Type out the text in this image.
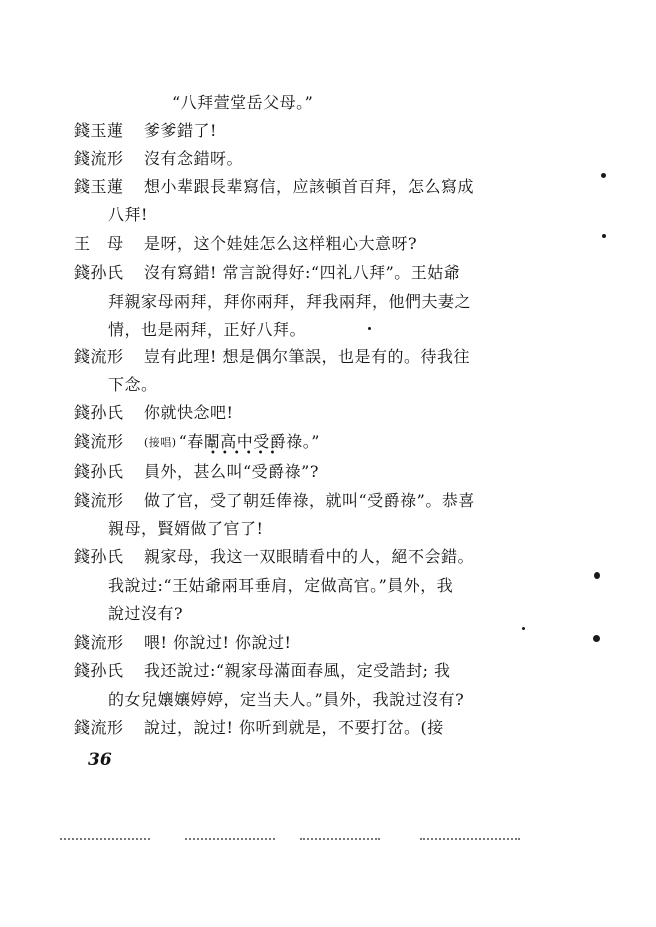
“八拜萱堂岳父母。”
錢玉蓮	爹爹錯了!
錢流形	沒有念錯呀。
錢玉蓮	想小辈跟長辈寫信，应該頓首百拜，怎么寫成
八拜!
王　母	是呀，这个娃娃怎么这样粗心大意呀?
錢孙氏	沒有寫錯! 常言說得好:“四礼八拜”。王姑爺
拜親家母兩拜，拜你兩拜，拜我兩拜，他們夫妻之
情，也是兩拜，正好八拜。
錢流形	豈有此理! 想是偶尔筆誤，也是有的。待我往
下念。
錢孙氏	你就快念吧!
錢流形	(接唱) “春闈高中受爵祿。”
••••••
錢孙氏	員外，甚么叫“受爵祿”?
錢流形	做了官，受了朝廷俸祿，就叫“受爵祿”。恭喜
親母，賢婿做了官了!
錢孙氏	親家母，我这一双眼睛看中的人，絕不会錯。
我說过:“王姑爺兩耳垂肩，定做高官。”員外，我
說过沒有?
錢流形	喂! 你說过! 你說过!
錢孙氏	我还說过:“親家母滿面春風，定受誥封; 我
的女兒孃孃婷婷，定当夫人。”員外，我說过沒有?
錢流形	說过，說过! 你听到就是，不要打岔。(接
36
